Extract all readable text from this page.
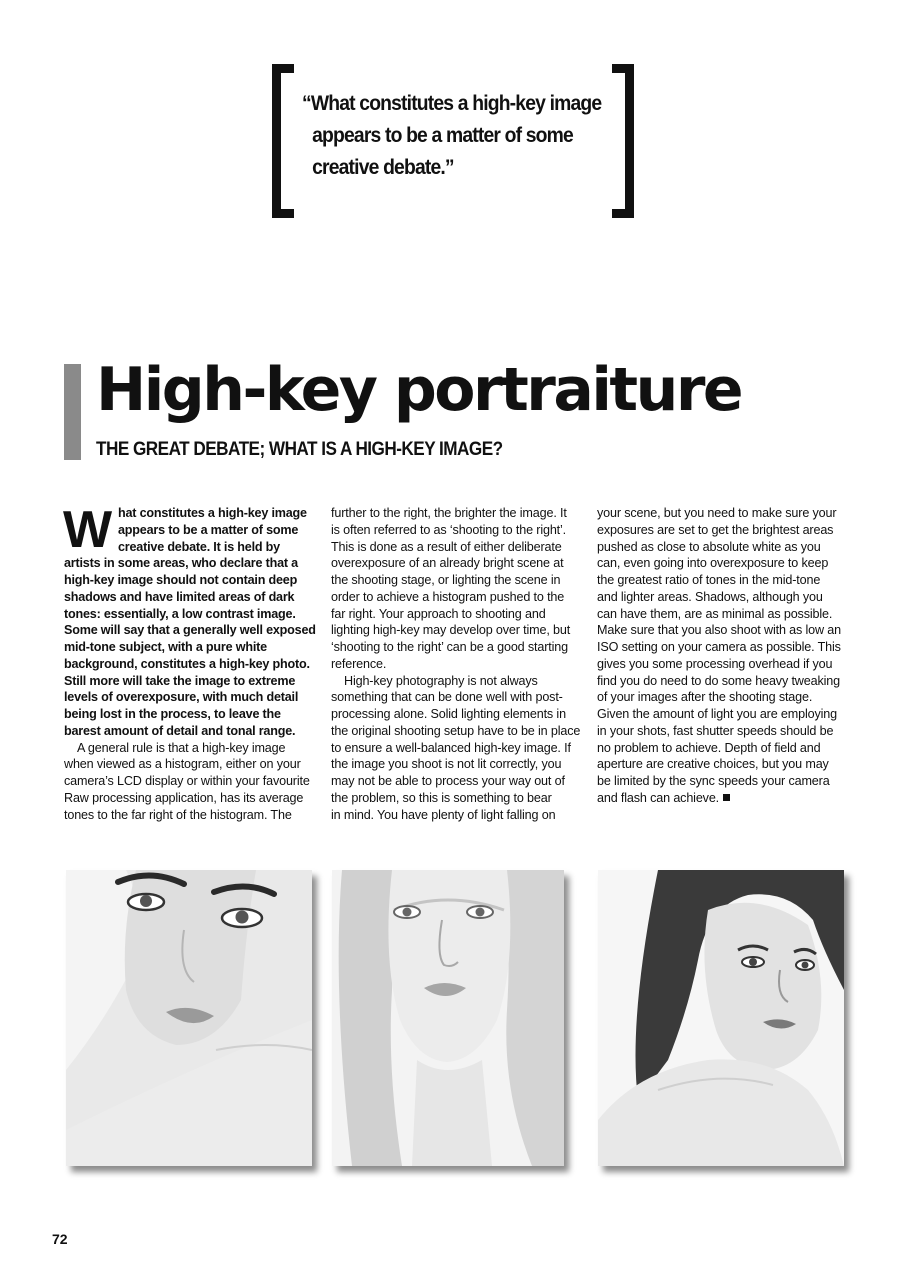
“What constitutes a high-key image
appears to be a matter of some
creative debate.”
High-key portraiture
THE GREAT DEBATE; WHAT IS A HIGH-KEY IMAGE?
W hat constitutes a high-key image
appears to be a matter of some
creative debate. It is held by
artists in some areas, who declare that a
high-key image should not contain deep
shadows and have limited areas of dark
tones: essentially, a low contrast image.
Some will say that a generally well exposed
mid-tone subject, with a pure white
background, constitutes a high-key photo.
Still more will take the image to extreme
levels of overexposure, with much detail
being lost in the process, to leave the
barest amount of detail and tonal range.
A general rule is that a high-key image
when viewed as a histogram, either on your
camera’s LCD display or within your favourite
Raw processing application, has its average
tones to the far right of the histogram. The
further to the right, the brighter the image. It
is often referred to as ‘shooting to the right’.
This is done as a result of either deliberate
overexposure of an already bright scene at
the shooting stage, or lighting the scene in
order to achieve a histogram pushed to the
far right. Your approach to shooting and
lighting high-key may develop over time, but
‘shooting to the right’ can be a good starting
reference.
High-key photography is not always
something that can be done well with post-
processing alone. Solid lighting elements in
the original shooting setup have to be in place
to ensure a well-balanced high-key image. If
the image you shoot is not lit correctly, you
may not be able to process your way out of
the problem, so this is something to bear
in mind. You have plenty of light falling on
your scene, but you need to make sure your
exposures are set to get the brightest areas
pushed as close to absolute white as you
can, even going into overexposure to keep
the greatest ratio of tones in the mid-tone
and lighter areas. Shadows, although you
can have them, are as minimal as possible.
Make sure that you also shoot with as low an
ISO setting on your camera as possible. This
gives you some processing overhead if you
find you do need to do some heavy tweaking
of your images after the shooting stage.
Given the amount of light you are employing
in your shots, fast shutter speeds should be
no problem to achieve. Depth of field and
aperture are creative choices, but you may
be limited by the sync speeds your camera
and flash can achieve.
72
